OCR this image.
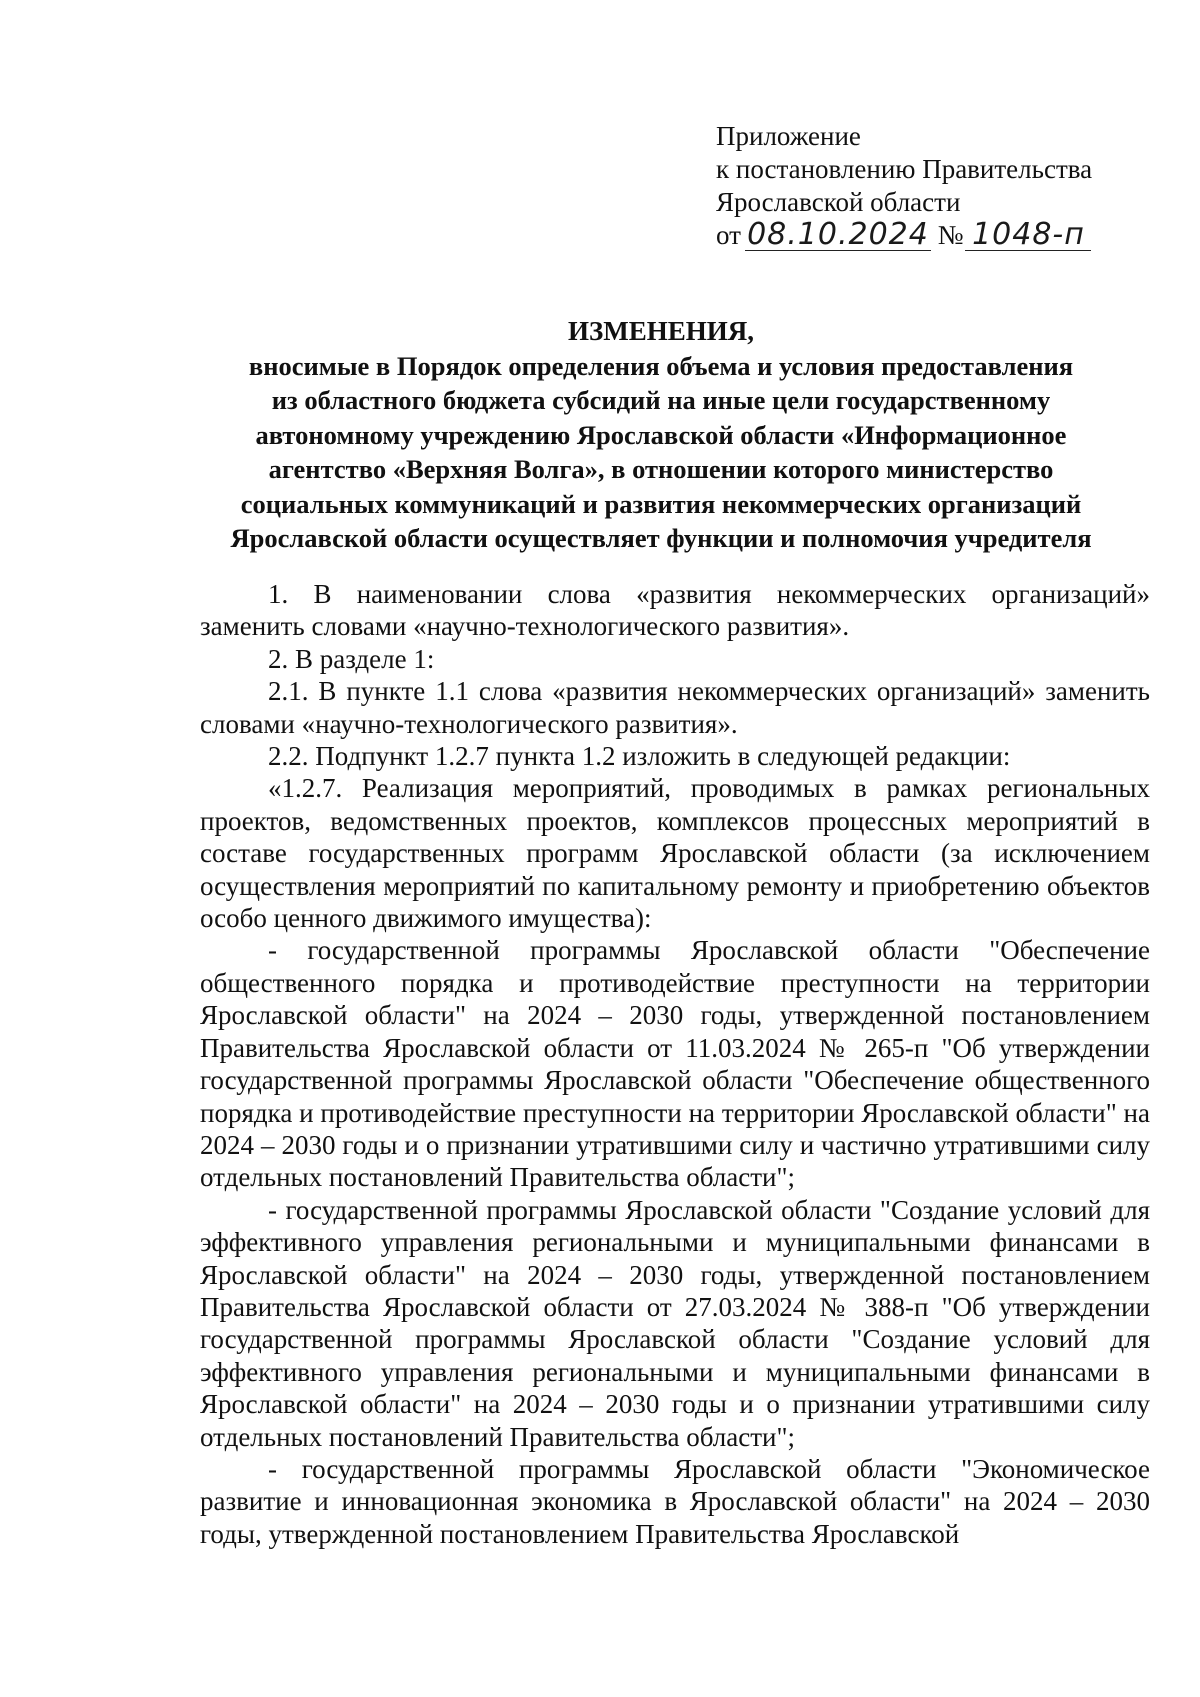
Приложение
к постановлению Правительства
Ярославской области
от 08.10.2024 № 1048-п
ИЗМЕНЕНИЯ,
вносимые в Порядок определения объема и условия предоставления
из областного бюджета субсидий на иные цели государственному
автономному учреждению Ярославской области «Информационное
агентство «Верхняя Волга», в отношении которого министерство
социальных коммуникаций и развития некоммерческих организаций
Ярославской области осуществляет функции и полномочия учредителя

1. В наименовании слова «развития некоммерческих организаций» заменить словами «научно-технологического развития».

2. В разделе 1:

2.1. В пункте 1.1 слова «развития некоммерческих организаций» заменить словами «научно-технологического развития».

2.2. Подпункт 1.2.7 пункта 1.2 изложить в следующей редакции:

«1.2.7. Реализация мероприятий, проводимых в рамках региональных проектов, ведомственных проектов, комплексов процессных мероприятий в составе государственных программ Ярославской области (за исключением осуществления мероприятий по капитальному ремонту и приобретению объектов особо ценного движимого имущества):

- государственной программы Ярославской области "Обеспечение общественного порядка и противодействие преступности на территории Ярославской области" на 2024 – 2030 годы, утвержденной постановлением Правительства Ярославской области от 11.03.2024 № 265-п "Об утверждении государственной программы Ярославской области "Обеспечение общественного порядка и противодействие преступности на территории Ярославской области" на 2024 – 2030 годы и о признании утратившими силу и частично утратившими силу отдельных постановлений Правительства области";

- государственной программы Ярославской области "Создание условий для эффективного управления региональными и муниципальными финансами в Ярославской области" на 2024 – 2030 годы, утвержденной постановлением Правительства Ярославской области от 27.03.2024 № 388-п "Об утверждении государственной программы Ярославской области "Создание условий для эффективного управления региональными и муниципальными финансами в Ярославской области" на 2024 – 2030 годы и о признании утратившими силу отдельных постановлений Правительства области";

- государственной программы Ярославской области "Экономическое развитие и инновационная экономика в Ярославской области" на 2024 – 2030 годы, утвержденной постановлением Правительства Ярославской
